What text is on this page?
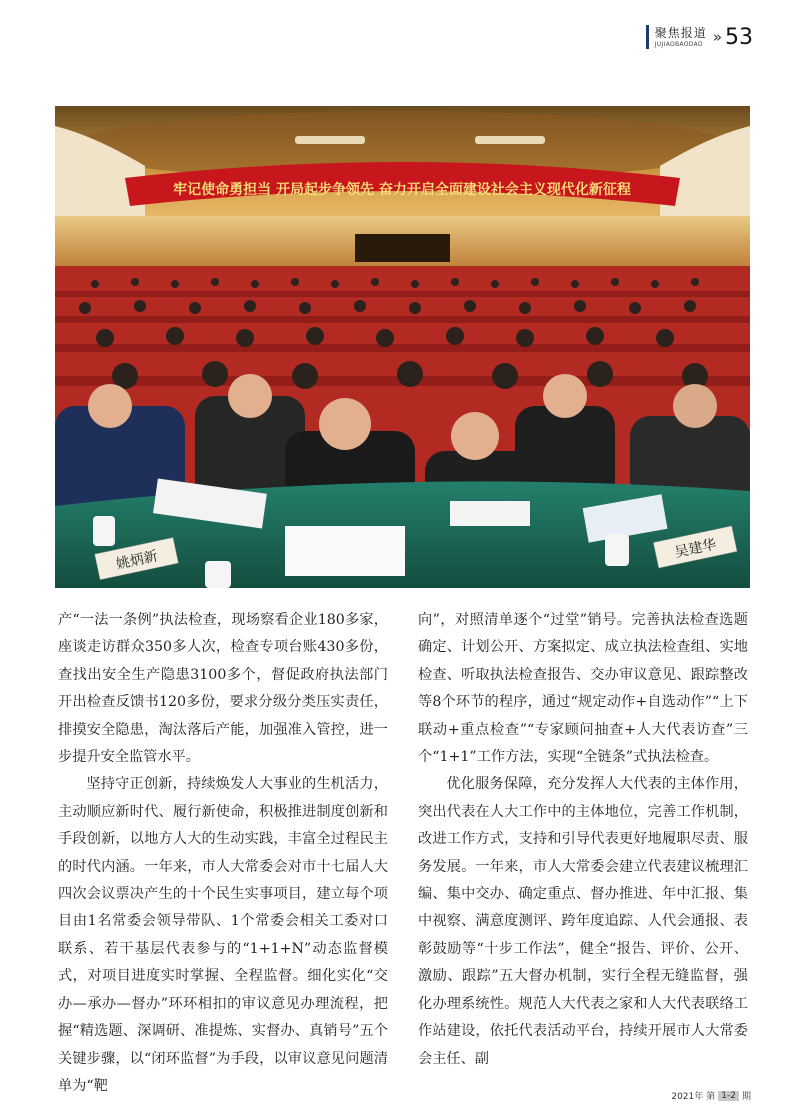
聚焦报道
JUJIAOBAODAO » 53
牢记使命勇担当 开局起步争领先 奋力开启全面建设社会主义现代化新征程
姚炳新	吴建华

产“一法一条例”执法检查，现场察看企业180多家，座谈走访群众350多人次，检查专项台账430多份，查找出安全生产隐患3100多个，督促政府执法部门开出检查反馈书120多份，要求分级分类压实责任，排摸安全隐患，淘汰落后产能，加强准入管控，进一步提升安全监管水平。

坚持守正创新，持续焕发人大事业的生机活力，主动顺应新时代、履行新使命，积极推进制度创新和手段创新，以地方人大的生动实践，丰富全过程民主的时代内涵。一年来，市人大常委会对市十七届人大四次会议票决产生的十个民生实事项目，建立每个项目由1名常委会领导带队、1个常委会相关工委对口联系、若干基层代表参与的“1+1+N”动态监督模式，对项目进度实时掌握、全程监督。细化实化“交办—承办—督办”环环相扣的审议意见办理流程，把握“精选题、深调研、准提炼、实督办、真销号”五个关键步骤，以“闭环监督”为手段，以审议意见问题清单为“靶

向”，对照清单逐个“过堂”销号。完善执法检查选题确定、计划公开、方案拟定、成立执法检查组、实地检查、听取执法检查报告、交办审议意见、跟踪整改等8个环节的程序，通过“规定动作+自选动作”“上下联动+重点检查”“专家顾问抽查+人大代表访查”三个“1+1”工作方法，实现“全链条”式执法检查。

优化服务保障，充分发挥人大代表的主体作用，突出代表在人大工作中的主体地位，完善工作机制，改进工作方式，支持和引导代表更好地履职尽责、服务发展。一年来，市人大常委会建立代表建议梳理汇编、集中交办、确定重点、督办推进、年中汇报、集中视察、满意度测评、跨年度追踪、人代会通报、表彰鼓励等“十步工作法”，健全“报告、评价、公开、激励、跟踪”五大督办机制，实行全程无缝监督，强化办理系统性。规范人大代表之家和人大代表联络工作站建设，依托代表活动平台，持续开展市人大常委会主任、副

2021年 第 1-2 期
